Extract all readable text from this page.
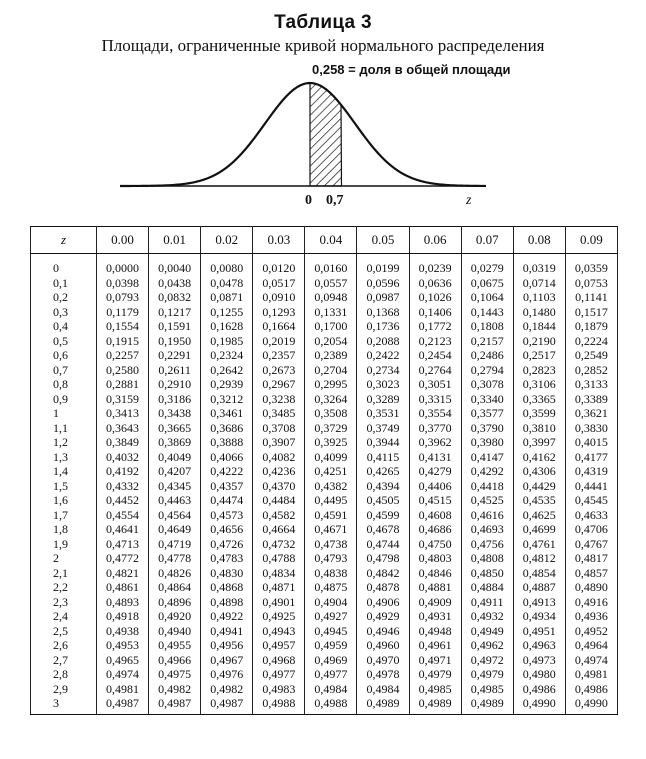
Таблица 3
Площади, ограниченные кривой нормального распределения
0,258 = доля в общей площади
0 0,7	z
z	0.00	0.01	0.02	0.03	0.04	0.05	0.06	0.07	0.08	0.09
0	0,0000	0,0040	0,0080	0,0120	0,0160	0,0199	0,0239	0,0279	0,0319	0,0359
0,1	0,0398	0,0438	0,0478	0,0517	0,0557	0,0596	0,0636	0,0675	0,0714	0,0753
0,2	0,0793	0,0832	0,0871	0,0910	0,0948	0,0987	0,1026	0,1064	0,1103	0,1141
0,3	0,1179	0,1217	0,1255	0,1293	0,1331	0,1368	0,1406	0,1443	0,1480	0,1517
0,4	0,1554	0,1591	0,1628	0,1664	0,1700	0,1736	0,1772	0,1808	0,1844	0,1879
0,5	0,1915	0,1950	0,1985	0,2019	0,2054	0,2088	0,2123	0,2157	0,2190	0,2224
0,6	0,2257	0,2291	0,2324	0,2357	0,2389	0,2422	0,2454	0,2486	0,2517	0,2549
0,7	0,2580	0,2611	0,2642	0,2673	0,2704	0,2734	0,2764	0,2794	0,2823	0,2852
0,8	0,2881	0,2910	0,2939	0,2967	0,2995	0,3023	0,3051	0,3078	0,3106	0,3133
0,9	0,3159	0,3186	0,3212	0,3238	0,3264	0,3289	0,3315	0,3340	0,3365	0,3389
1	0,3413	0,3438	0,3461	0,3485	0,3508	0,3531	0,3554	0,3577	0,3599	0,3621
1,1	0,3643	0,3665	0,3686	0,3708	0,3729	0,3749	0,3770	0,3790	0,3810	0,3830
1,2	0,3849	0,3869	0,3888	0,3907	0,3925	0,3944	0,3962	0,3980	0,3997	0,4015
1,3	0,4032	0,4049	0,4066	0,4082	0,4099	0,4115	0,4131	0,4147	0,4162	0,4177
1,4	0,4192	0,4207	0,4222	0,4236	0,4251	0,4265	0,4279	0,4292	0,4306	0,4319
1,5	0,4332	0,4345	0,4357	0,4370	0,4382	0,4394	0,4406	0,4418	0,4429	0,4441
1,6	0,4452	0,4463	0,4474	0,4484	0,4495	0,4505	0,4515	0,4525	0,4535	0,4545
1,7	0,4554	0,4564	0,4573	0,4582	0,4591	0,4599	0,4608	0,4616	0,4625	0,4633
1,8	0,4641	0,4649	0,4656	0,4664	0,4671	0,4678	0,4686	0,4693	0,4699	0,4706
1,9	0,4713	0,4719	0,4726	0,4732	0,4738	0,4744	0,4750	0,4756	0,4761	0,4767
2	0,4772	0,4778	0,4783	0,4788	0,4793	0,4798	0,4803	0,4808	0,4812	0,4817
2,1	0,4821	0,4826	0,4830	0,4834	0,4838	0,4842	0,4846	0,4850	0,4854	0,4857
2,2	0,4861	0,4864	0,4868	0,4871	0,4875	0,4878	0,4881	0,4884	0,4887	0,4890
2,3	0,4893	0,4896	0,4898	0,4901	0,4904	0,4906	0,4909	0,4911	0,4913	0,4916
2,4	0,4918	0,4920	0,4922	0,4925	0,4927	0,4929	0,4931	0,4932	0,4934	0,4936
2,5	0,4938	0,4940	0,4941	0,4943	0,4945	0,4946	0,4948	0,4949	0,4951	0,4952
2,6	0,4953	0,4955	0,4956	0,4957	0,4959	0,4960	0,4961	0,4962	0,4963	0,4964
2,7	0,4965	0,4966	0,4967	0,4968	0,4969	0,4970	0,4971	0,4972	0,4973	0,4974
2,8	0,4974	0,4975	0,4976	0,4977	0,4977	0,4978	0,4979	0,4979	0,4980	0,4981
2,9	0,4981	0,4982	0,4982	0,4983	0,4984	0,4984	0,4985	0,4985	0,4986	0,4986
3	0,4987	0,4987	0,4987	0,4988	0,4988	0,4989	0,4989	0,4989	0,4990	0,4990
